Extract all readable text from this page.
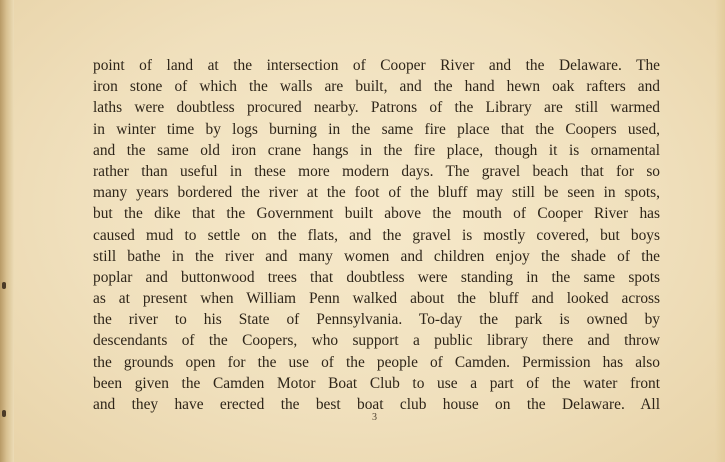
point of land at the intersection of Cooper River and the Delaware. The
iron stone of which the walls are built, and the hand hewn oak rafters and
laths were doubtless procured nearby. Patrons of the Library are still warmed
in winter time by logs burning in the same fire place that the Coopers used,
and the same old iron crane hangs in the fire place, though it is ornamental
rather than useful in these more modern days. The gravel beach that for so
many years bordered the river at the foot of the bluff may still be seen in spots,
but the dike that the Government built above the mouth of Cooper River has
caused mud to settle on the flats, and the gravel is mostly covered, but boys
still bathe in the river and many women and children enjoy the shade of the
poplar and buttonwood trees that doubtless were standing in the same spots
as at present when William Penn walked about the bluff and looked across
the river to his State of Pennsylvania. To-day the park is owned by
descendants of the Coopers, who support a public library there and throw
the grounds open for the use of the people of Camden. Permission has also
been given the Camden Motor Boat Club to use a part of the water front
and they have erected the best boat club house on the Delaware. All
3
